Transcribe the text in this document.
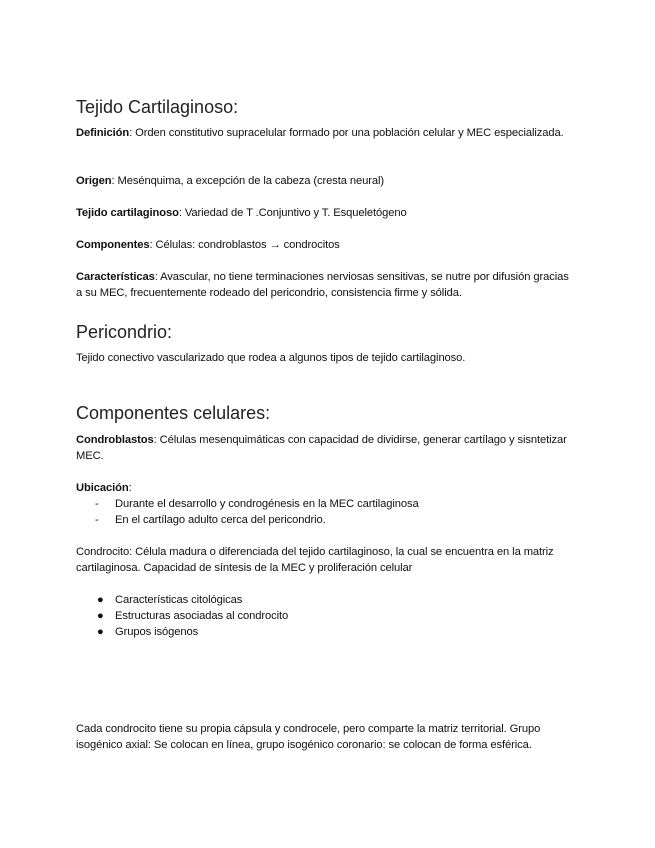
Tejido Cartilaginoso:

Definición: Orden constitutivo supracelular formado por una población celular y MEC especializada.

Origen: Mesénquima, a excepción de la cabeza (cresta neural)

Tejido cartilaginoso: Variedad de T .Conjuntivo y T. Esqueletógeno

Componentes: Células: condroblastos → condrocitos

Características: Avascular, no tiene terminaciones nerviosas sensitivas, se nutre por difusión gracias a su MEC, frecuentemente rodeado del pericondrio, consistencia firme y sólida.

Pericondrio:

Tejido conectivo vascularizado que rodea a algunos tipos de tejido cartilaginoso.

Componentes celulares:

Condroblastos: Células mesenquimáticas con capacidad de dividirse, generar cartílago y sisntetizar MEC.

Ubicación:

- Durante el desarrollo y condrogénesis en la MEC cartilaginosa
- En el cartílago adulto cerca del pericondrio.

Condrocito: Célula madura o diferenciada del tejido cartilaginoso, la cual se encuentra en la matriz cartilaginosa. Capacidad de síntesis de la MEC y proliferación celular

● Características citológicas
● Estructuras asociadas al condrocito
● Grupos isógenos

Cada condrocito tiene su propia cápsula y condrocele, pero comparte la matriz territorial. Grupo isogénico axial: Se colocan en línea, grupo isogénico coronario: se colocan de forma esférica.
